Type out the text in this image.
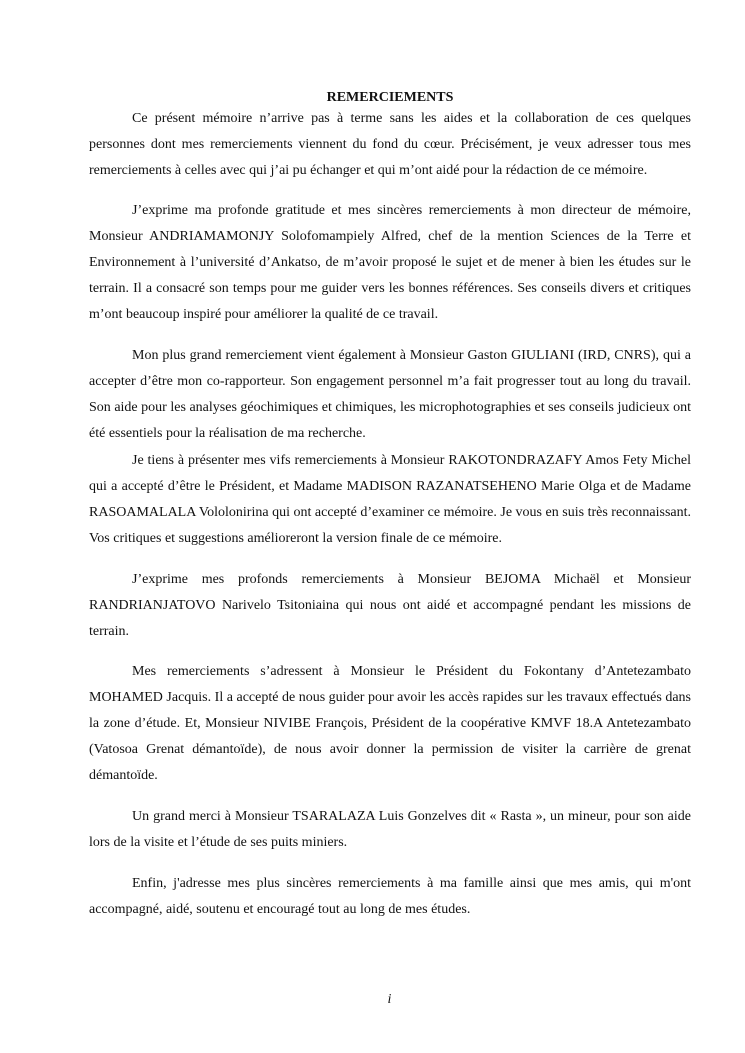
REMERCIEMENTS

Ce présent mémoire n’arrive pas à terme sans les aides et la collaboration de ces quelques personnes dont mes remerciements viennent du fond du cœur. Précisément, je veux adresser tous mes remerciements à celles avec qui j’ai pu échanger et qui m’ont aidé pour la rédaction de ce mémoire.

J’exprime ma profonde gratitude et mes sincères remerciements à mon directeur de mémoire, Monsieur ANDRIAMAMONJY Solofomampiely Alfred, chef de la mention Sciences de la Terre et Environnement à l’université d’Ankatso, de m’avoir proposé le sujet et de mener à bien les études sur le terrain. Il a consacré son temps pour me guider vers les bonnes références. Ses conseils divers et critiques m’ont beaucoup inspiré pour améliorer la qualité de ce travail.

Mon plus grand remerciement vient également à Monsieur Gaston GIULIANI (IRD, CNRS), qui a accepter d’être mon co-rapporteur. Son engagement personnel m’a fait progresser tout au long du travail. Son aide pour les analyses géochimiques et chimiques, les microphotographies et ses conseils judicieux ont été essentiels pour la réalisation de ma recherche.

Je tiens à présenter mes vifs remerciements à Monsieur RAKOTONDRAZAFY Amos Fety Michel qui a accepté d’être le Président, et Madame MADISON RAZANATSEHENO Marie Olga et de Madame RASOAMALALA Vololonirina qui ont accepté d’examiner ce mémoire. Je vous en suis très reconnaissant. Vos critiques et suggestions amélioreront la version finale de ce mémoire.

J’exprime mes profonds remerciements à Monsieur BEJOMA Michaël et Monsieur RANDRIANJATOVO Narivelo Tsitoniaina qui nous ont aidé et accompagné pendant les missions de terrain.

Mes remerciements s’adressent à Monsieur le Président du Fokontany d’Antetezambato MOHAMED Jacquis. Il a accepté de nous guider pour avoir les accès rapides sur les travaux effectués dans la zone d’étude. Et, Monsieur NIVIBE François, Président de la coopérative KMVF 18.A Antetezambato (Vatosoa Grenat démantoïde), de nous avoir donner la permission de visiter la carrière de grenat démantoïde.

Un grand merci à Monsieur TSARALAZA Luis Gonzelves dit « Rasta », un mineur, pour son aide lors de la visite et l’étude de ses puits miniers.

Enfin, j'adresse mes plus sincères remerciements à ma famille ainsi que mes amis, qui m'ont accompagné, aidé, soutenu et encouragé tout au long de mes études.

i
